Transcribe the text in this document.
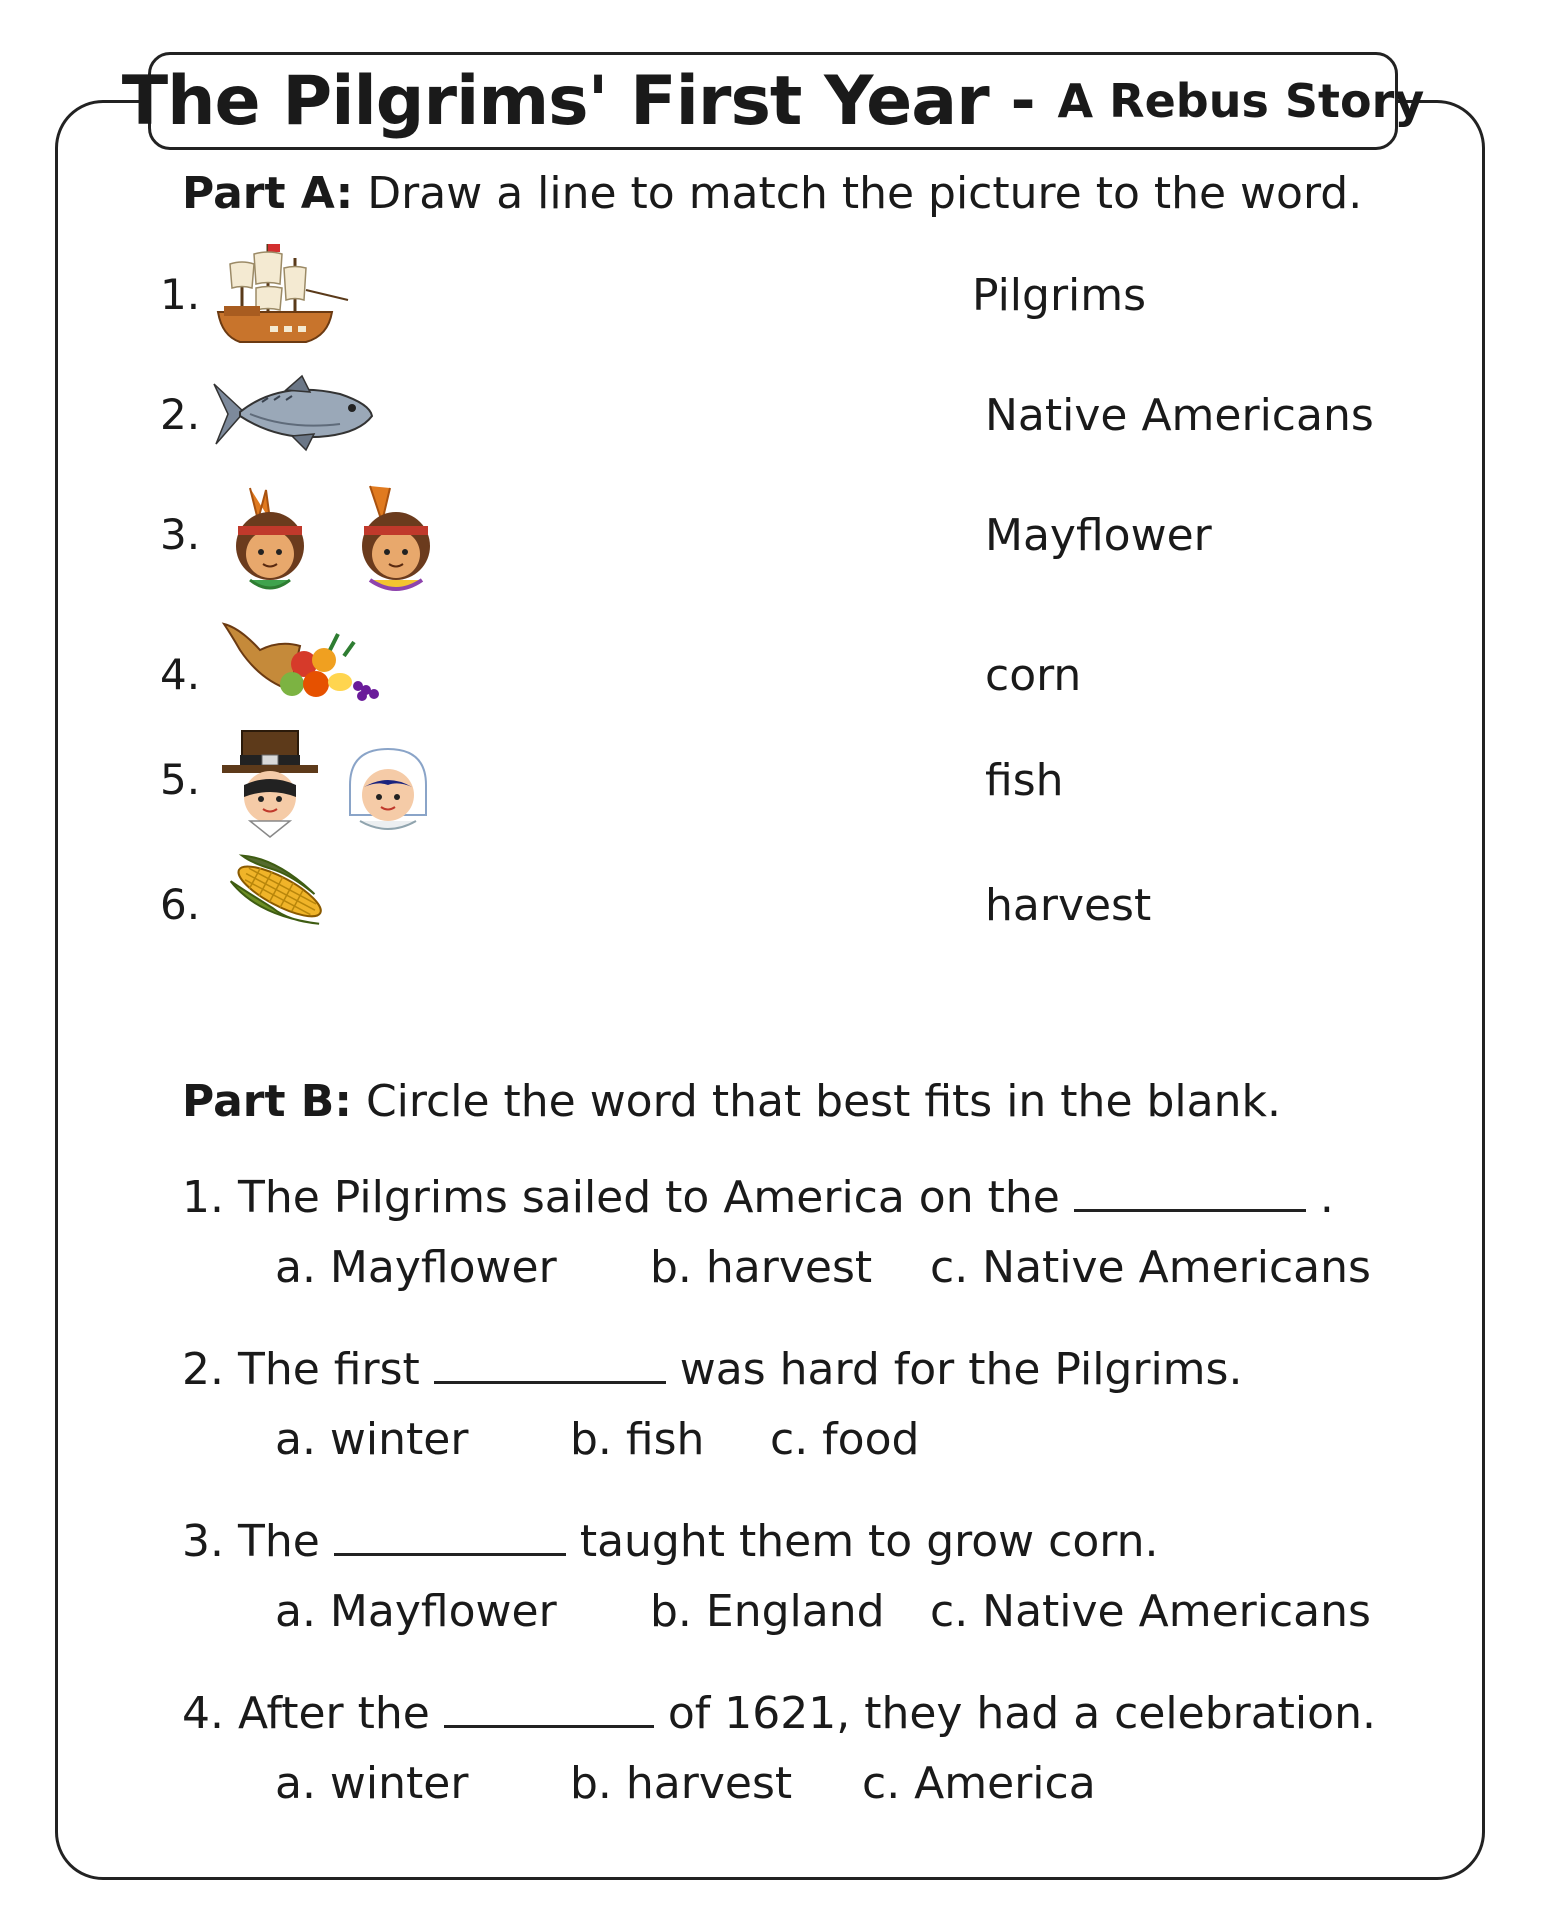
The Pilgrims' First Year - A Rebus Story
Part A: Draw a line to match the picture to the word.
1.	Pilgrims
2.	Native Americans
3.	Mayflower
4.	corn
5.	fish
6.	harvest
Part B: Circle the word that best fits in the blank.
1. The Pilgrims sailed to America on the	.
a. Mayflower b. harvest c. Native Americans
2. The first	was hard for the Pilgrims.
a. winter b. fish c. food
3. The	taught them to grow corn.
a. Mayflower b. England c. Native Americans
4. After the	of 1621, they had a celebration.
a. winter b. harvest c. America
